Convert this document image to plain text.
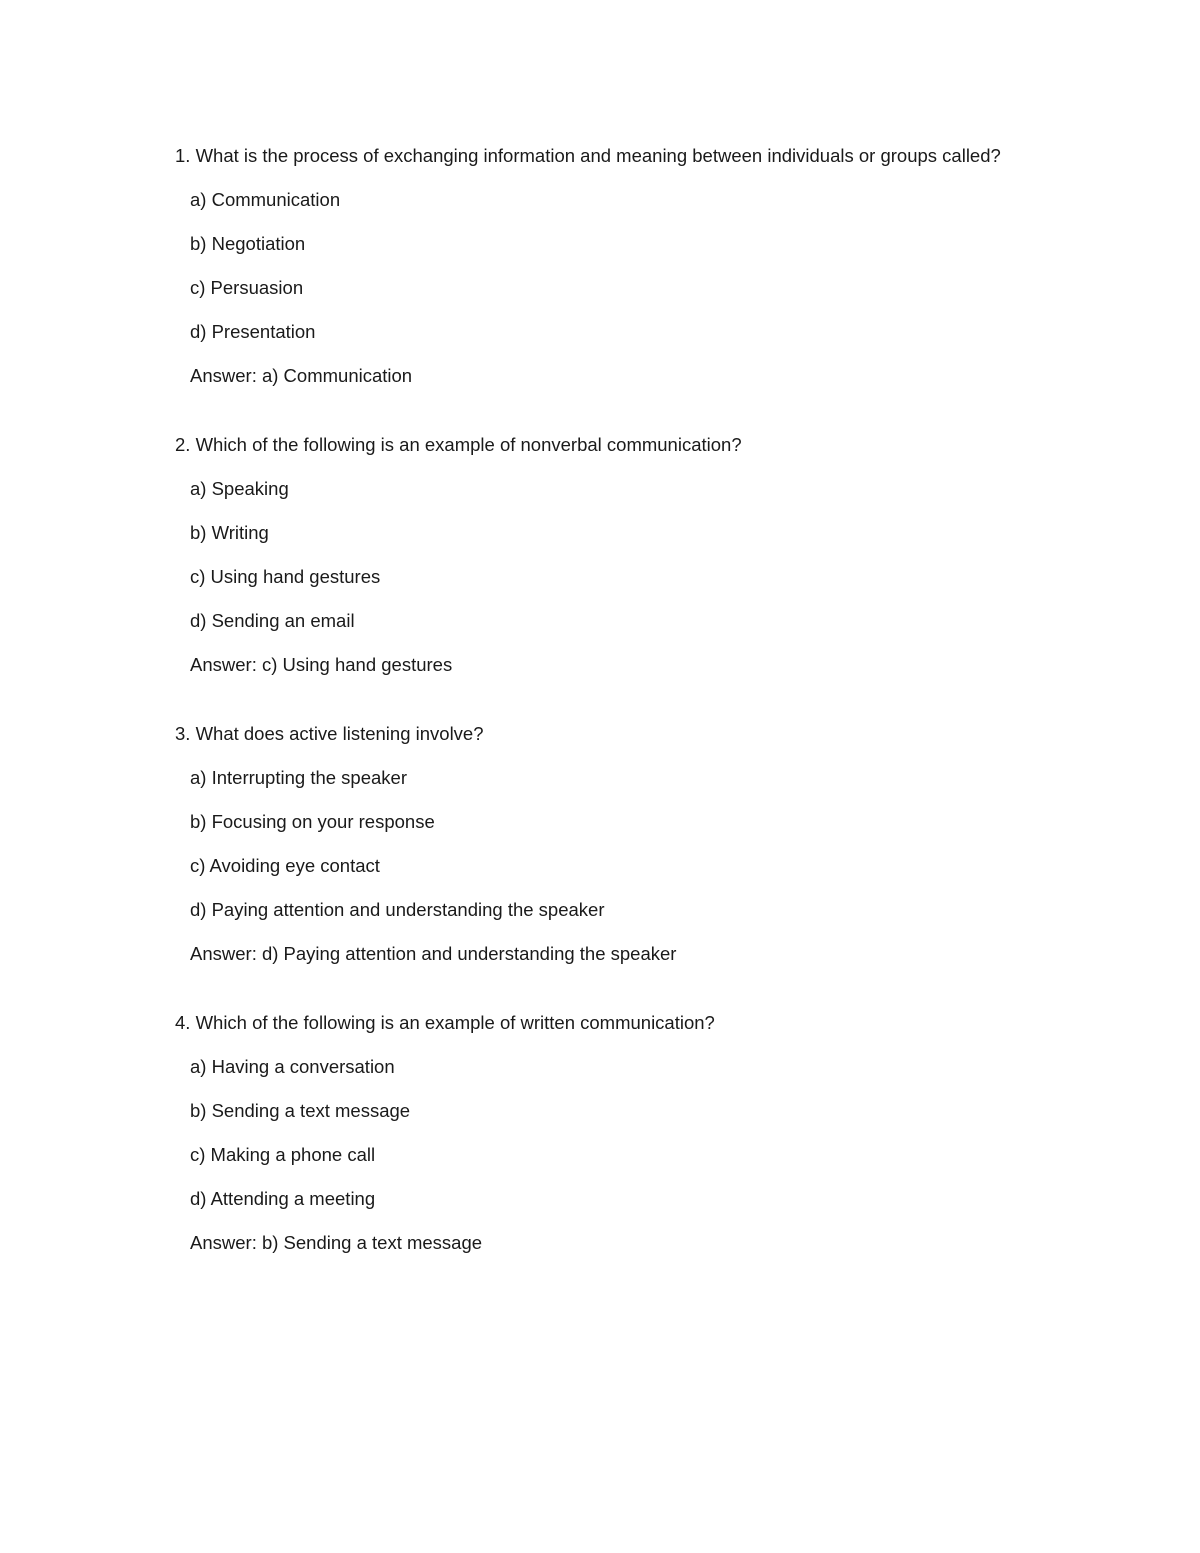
1. What is the process of exchanging information and meaning between individuals or groups called?

a) Communication
b) Negotiation
c) Persuasion
d) Presentation
Answer: a) Communication

2. Which of the following is an example of nonverbal communication?

a) Speaking
b) Writing
c) Using hand gestures
d) Sending an email
Answer: c) Using hand gestures

3. What does active listening involve?

a) Interrupting the speaker
b) Focusing on your response
c) Avoiding eye contact
d) Paying attention and understanding the speaker
Answer: d) Paying attention and understanding the speaker

4. Which of the following is an example of written communication?

a) Having a conversation
b) Sending a text message
c) Making a phone call
d) Attending a meeting
Answer: b) Sending a text message
